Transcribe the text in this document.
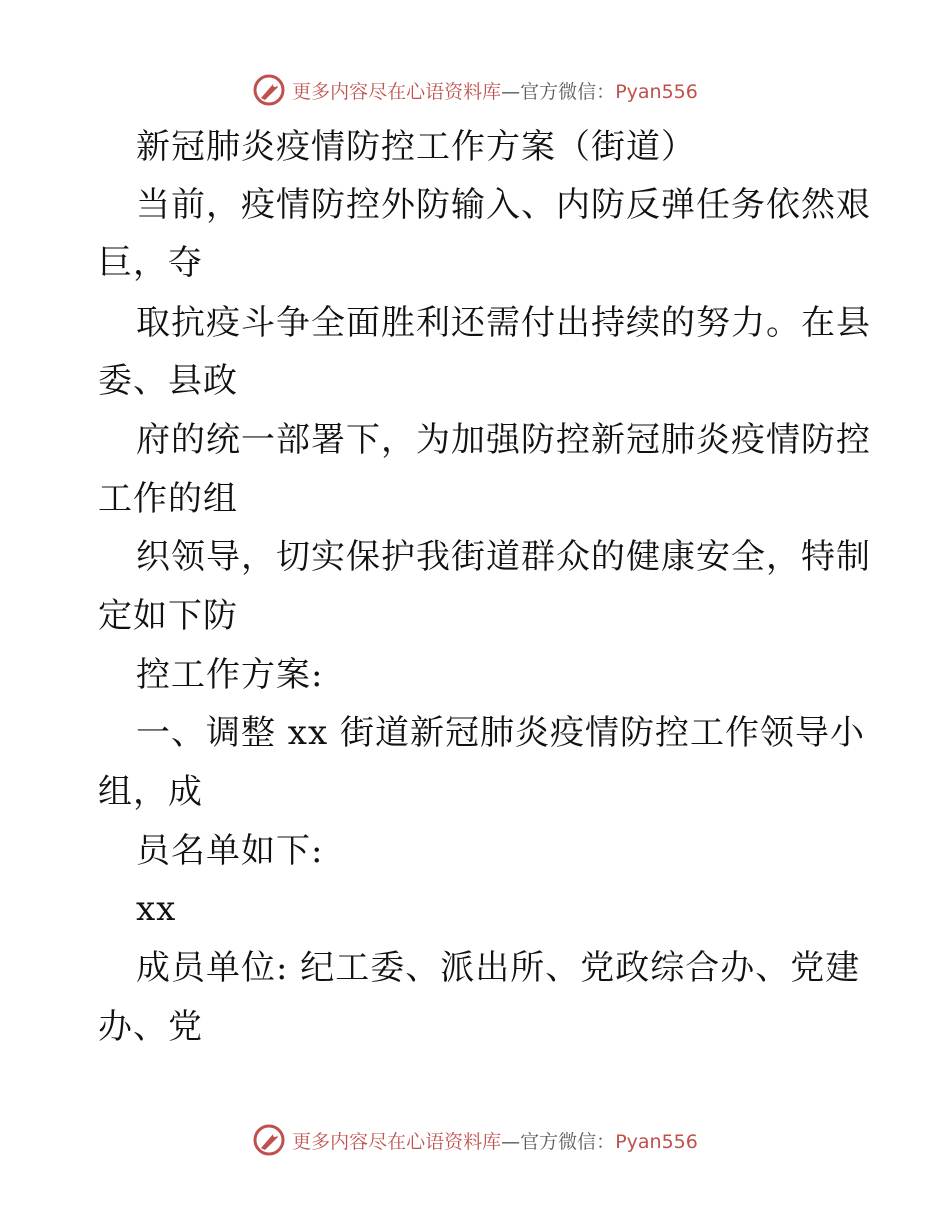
更多内容尽在心语资料库—官方微信：Pyan556
新冠肺炎疫情防控工作方案（街道）
当前，疫情防控外防输入、内防反弹任务依然艰
巨，夺
取抗疫斗争全面胜利还需付出持续的努力。在县
委、县政
府的统一部署下，为加强防控新冠肺炎疫情防控
工作的组
织领导，切实保护我街道群众的健康安全，特制
定如下防
控工作方案:
一、调整 xx 街道新冠肺炎疫情防控工作领导小
组，成
员名单如下:
xx
成员单位: 纪工委、派出所、党政综合办、党建
办、党
更多内容尽在心语资料库—官方微信：Pyan556
